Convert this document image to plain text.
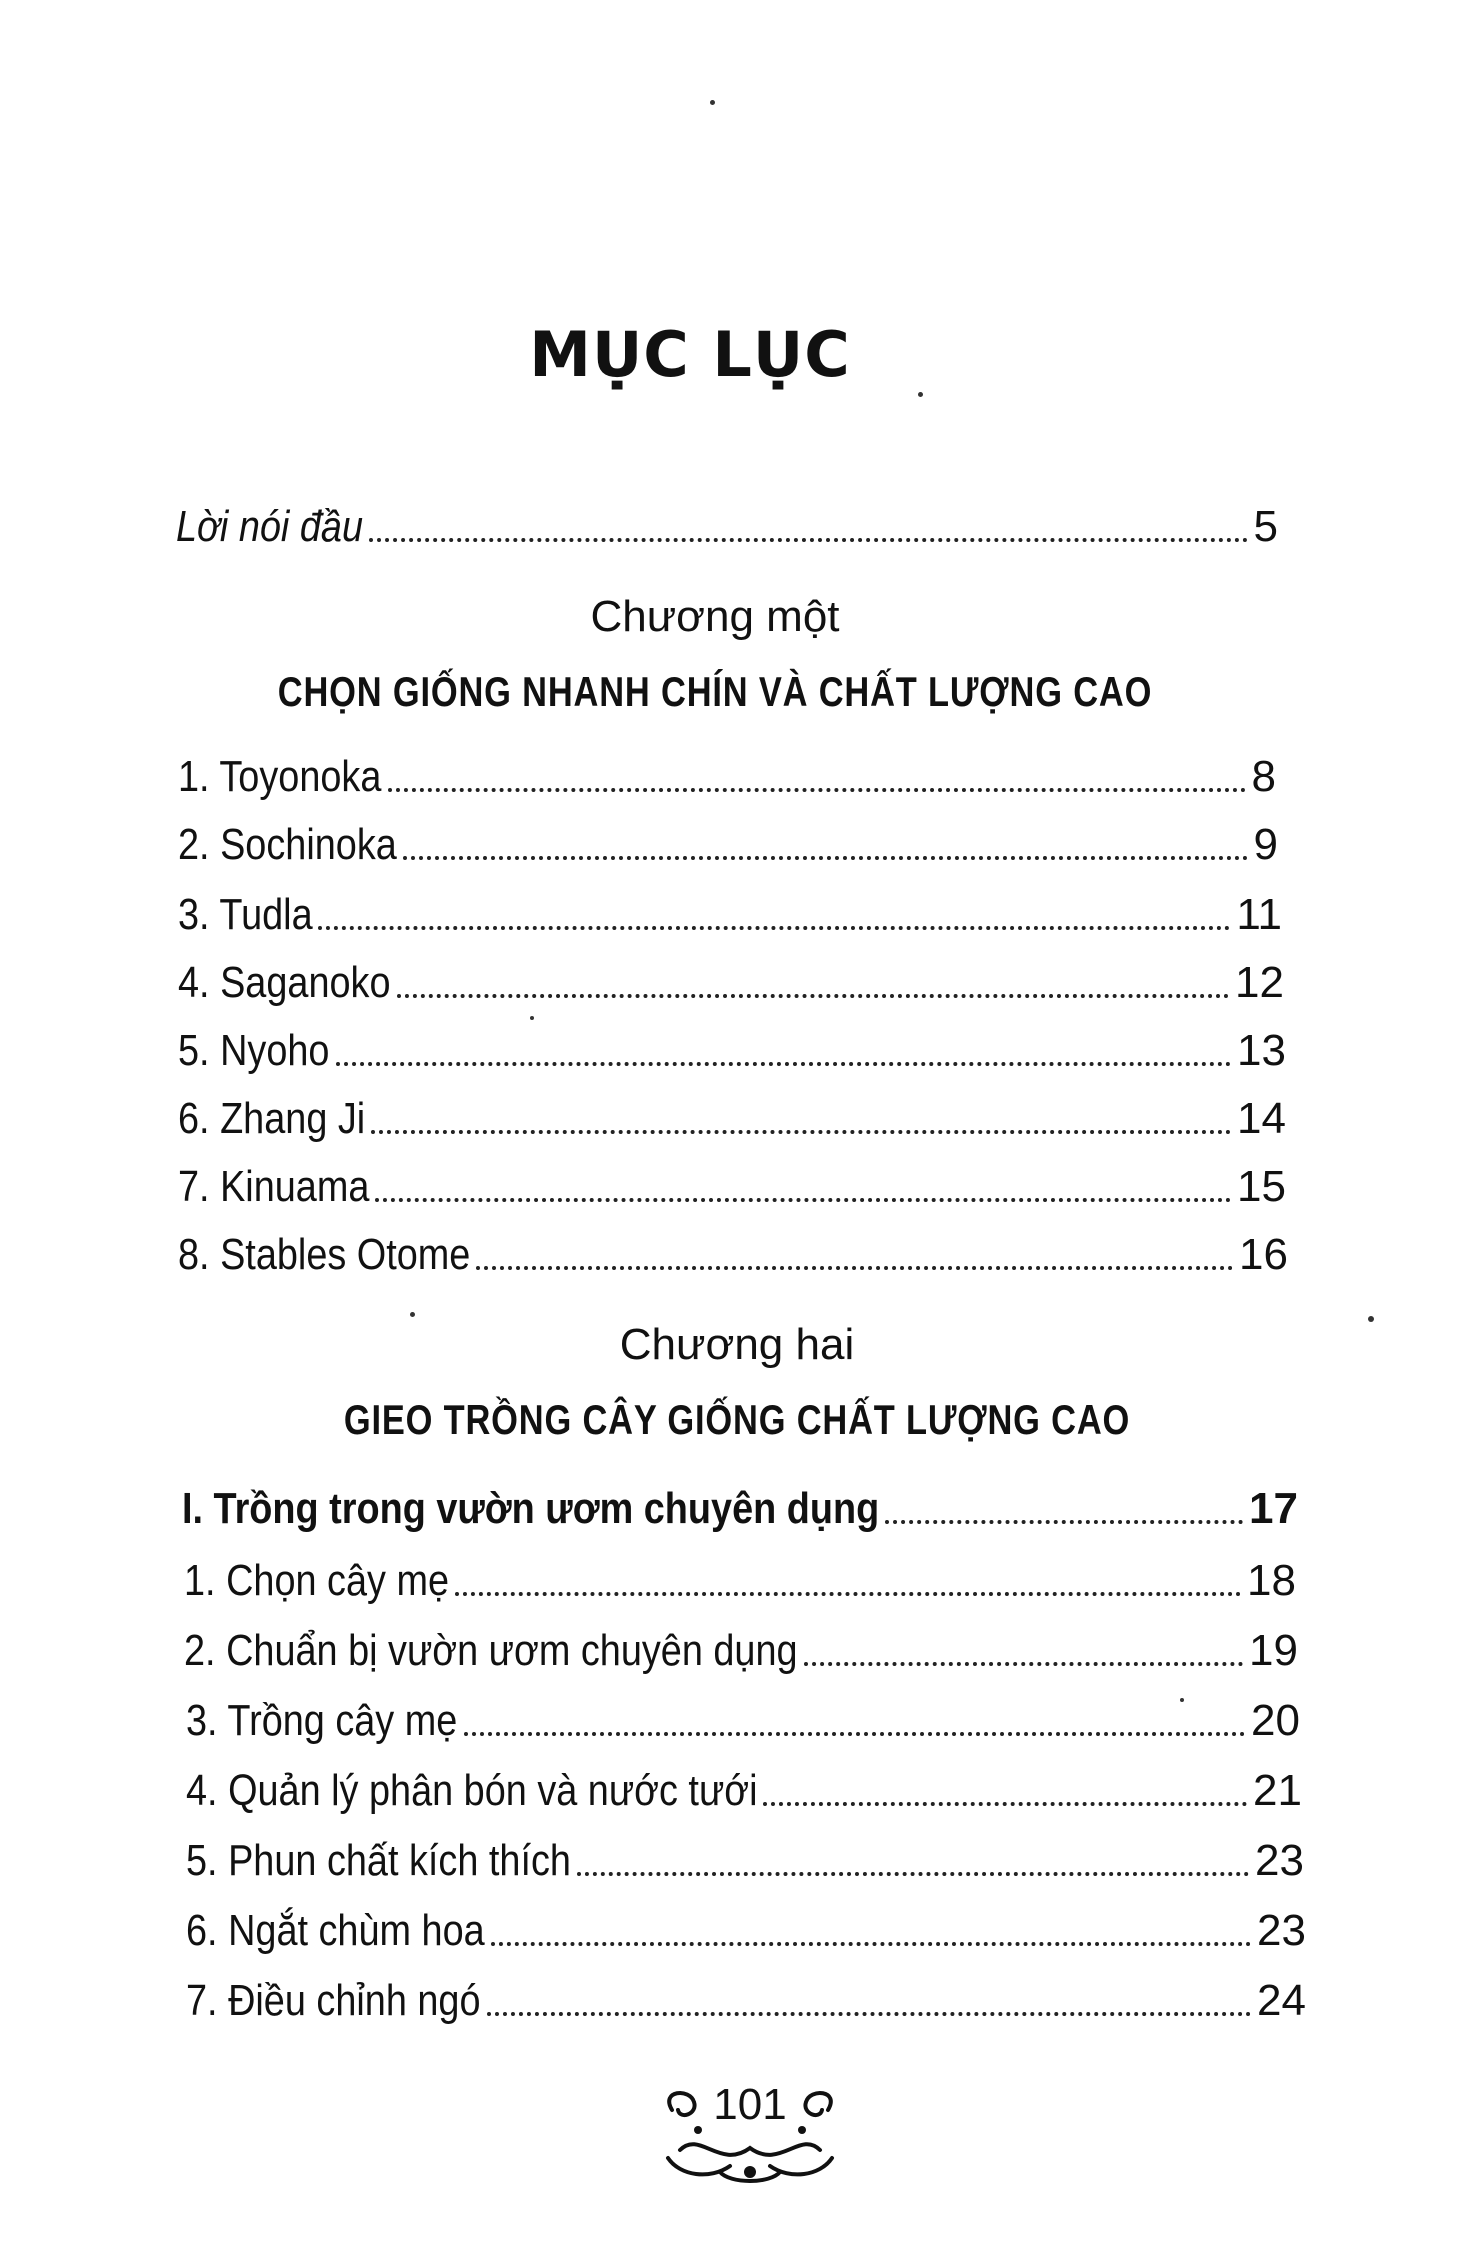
MỤC LỤC
Lời nói đầu	5
Chương một
CHỌN GIỐNG NHANH CHÍN VÀ CHẤT LƯỢNG CAO
1. Toyonoka	8
2. Sochinoka	9
3. Tudla	11
4. Saganoko	12
5. Nyoho	13
6. Zhang Ji	14
7. Kinuama	15
8. Stables Otome	16
Chương hai
GIEO TRỒNG CÂY GIỐNG CHẤT LƯỢNG CAO
I. Trồng trong vườn ươm chuyên dụng	17
1. Chọn cây mẹ	18
2. Chuẩn bị vườn ươm chuyên dụng	19
3. Trồng cây mẹ	20
4. Quản lý phân bón và nước tưới	21
5. Phun chất kích thích	23
6. Ngắt chùm hoa	23
7. Điều chỉnh ngó	24
101
